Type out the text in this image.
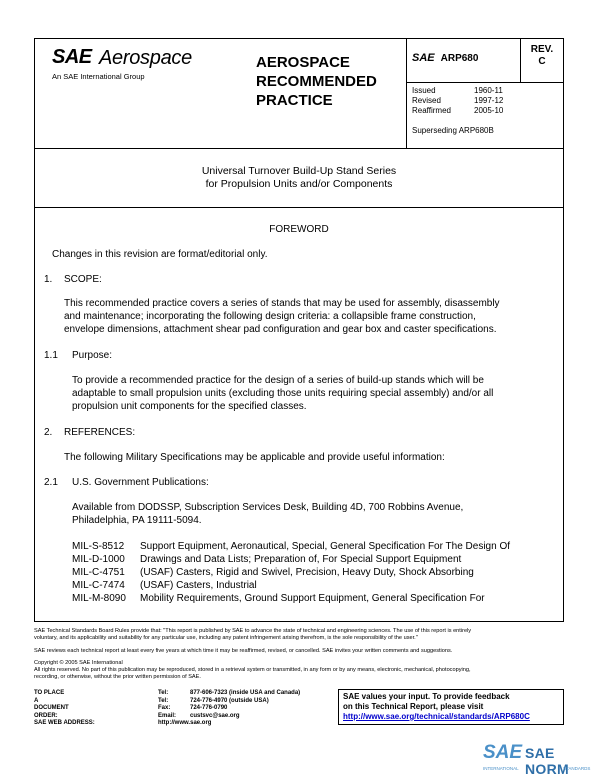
SAE Aerospace
An SAE International Group
AEROSPACE
RECOMMENDED
PRACTICE
SAE ARP680
REV.
C
Issued	1960-11
Revised	1997-12
Reaffirmed	2005-10
Superseding ARP680B
Universal Turnover Build-Up Stand Series
for Propulsion Units and/or Components
FOREWORD
Changes in this revision are format/editorial only.
1. SCOPE:
This recommended practice covers a series of stands that may be used for assembly, disassembly
and maintenance; incorporating the following design criteria: a collapsible frame construction,
envelope dimensions, attachment shear pad configuration and gear box and caster specifications.
1.1 Purpose:
To provide a recommended practice for the design of a series of build-up stands which will be
adaptable to small propulsion units (excluding those units requiring special assembly) and/or all
propulsion unit components for the specified classes.
2. REFERENCES:
The following Military Specifications may be applicable and provide useful information:
2.1 U.S. Government Publications:
Available from DODSSP, Subscription Services Desk, Building 4D, 700 Robbins Avenue,
Philadelphia, PA 19111-5094.
MIL-S-8512	Support Equipment, Aeronautical, Special, General Specification For The Design Of
MIL-D-1000	Drawings and Data Lists; Preparation of, For Special Support Equipment
MIL-C-4751	(USAF) Casters, Rigid and Swivel, Precision, Heavy Duty, Shock Absorbing
MIL-C-7474	(USAF) Casters, Industrial
MIL-M-8090	Mobility Requirements, Ground Support Equipment, General Specification For
SAE Technical Standards Board Rules provide that: "This report is published by SAE to advance the state of technical and engineering sciences. The use of this report is entirely
voluntary, and its applicability and suitability for any particular use, including any patent infringement arising therefrom, is the sole responsibility of the user."
SAE reviews each technical report at least every five years at which time it may be reaffirmed, revised, or cancelled. SAE invites your written comments and suggestions.
Copyright © 2005 SAE International
All rights reserved. No part of this publication may be reproduced, stored in a retrieval system or transmitted, in any form or by any means, electronic, mechanical, photocopying,
recording, or otherwise, without the prior written permission of SAE.
TO PLACE A DOCUMENT ORDER:
Tel:	877-606-7323 (inside USA and Canada)
Tel:	724-776-4970 (outside USA)
Fax:	724-776-0790
Email: custsvc@sae.org
SAE WEB ADDRESS:	http://www.sae.org
SAE values your input. To provide feedback
on this Technical Report, please visit
http://www.sae.org/technical/standards/ARP680C
SAE SAE NORM
INTERNATIONAL	STANDARDS
